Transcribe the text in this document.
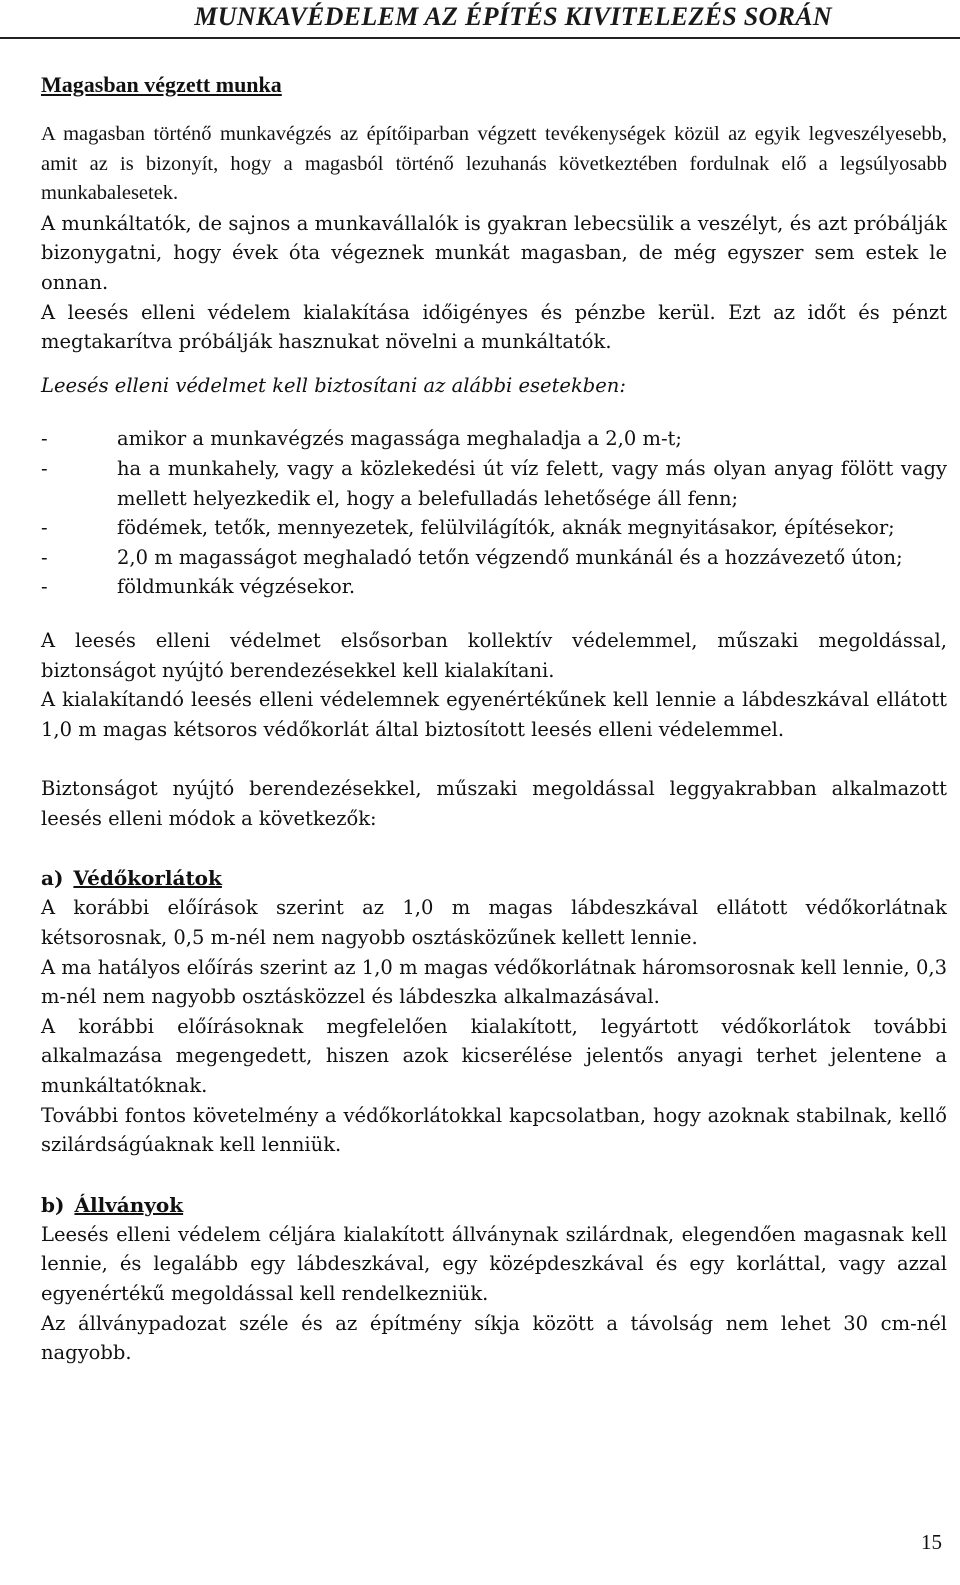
MUNKAVÉDELEM AZ ÉPÍTÉS KIVITELEZÉS SORÁN
Magasban végzett munka

A magasban történő munkavégzés az építőiparban végzett tevékenységek közül az egyik legveszélyesebb, amit az is bizonyít, hogy a magasból történő lezuhanás következtében fordulnak elő a legsúlyosabb munkabalesetek.

A munkáltatók, de sajnos a munkavállalók is gyakran lebecsülik a veszélyt, és azt próbálják bizonygatni, hogy évek óta végeznek munkát magasban, de még egyszer sem estek le onnan.

A leesés elleni védelem kialakítása időigényes és pénzbe kerül. Ezt az időt és pénzt megtakarítva próbálják hasznukat növelni a munkáltatók.

Leesés elleni védelmet kell biztosítani az alábbi esetekben:

-	amikor a munkavégzés magassága meghaladja a 2,0 m-t;
-	ha a munkahely, vagy a közlekedési út víz felett, vagy más olyan anyag fölött vagy mellett helyezkedik el, hogy a belefulladás lehetősége áll fenn;
-	födémek, tetők, mennyezetek, felülvilágítók, aknák megnyitásakor, építésekor;
-	2,0 m magasságot meghaladó tetőn végzendő munkánál és a hozzávezető úton;
-	földmunkák végzésekor.

A leesés elleni védelmet elsősorban kollektív védelemmel, műszaki megoldással, biztonságot nyújtó berendezésekkel kell kialakítani.

A kialakítandó leesés elleni védelemnek egyenértékűnek kell lennie a lábdeszkával ellátott 1,0 m magas kétsoros védőkorlát által biztosított leesés elleni védelemmel.

Biztonságot nyújtó berendezésekkel, műszaki megoldással leggyakrabban alkalmazott leesés elleni módok a következők:

a) Védőkorlátok

A korábbi előírások szerint az 1,0 m magas lábdeszkával ellátott védőkorlátnak kétsorosnak, 0,5 m-nél nem nagyobb osztásközűnek kellett lennie.

A ma hatályos előírás szerint az 1,0 m magas védőkorlátnak háromsorosnak kell lennie, 0,3 m-nél nem nagyobb osztásközzel és lábdeszka alkalmazásával.

A korábbi előírásoknak megfelelően kialakított, legyártott védőkorlátok további alkalmazása megengedett, hiszen azok kicserélése jelentős anyagi terhet jelentene a munkáltatóknak.

További fontos követelmény a védőkorlátokkal kapcsolatban, hogy azoknak stabilnak, kellő szilárdságúaknak kell lenniük.

b) Állványok

Leesés elleni védelem céljára kialakított állványnak szilárdnak, elegendően magasnak kell lennie, és legalább egy lábdeszkával, egy középdeszkával és egy korláttal, vagy azzal egyenértékű megoldással kell rendelkezniük.

Az állványpadozat széle és az építmény síkja között a távolság nem lehet 30 cm-nél nagyobb.

15
